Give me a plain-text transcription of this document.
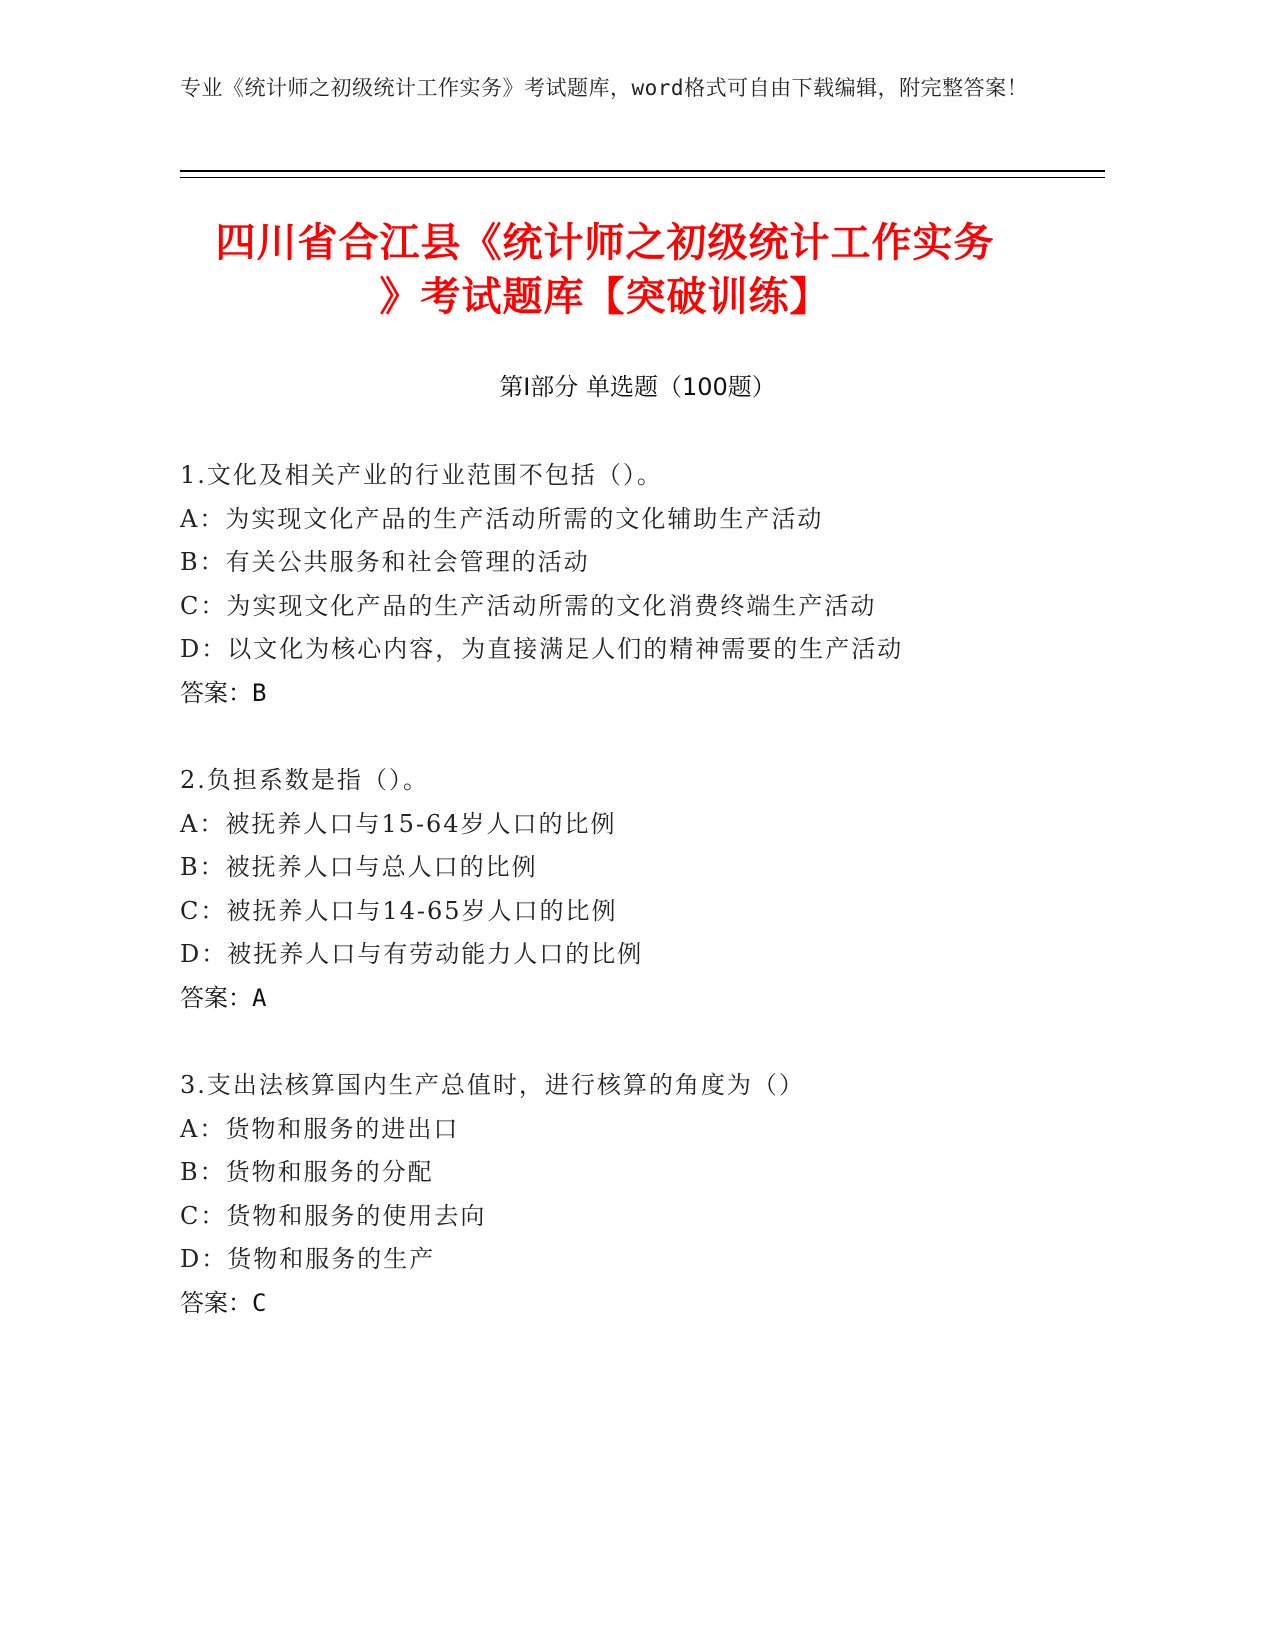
专业《统计师之初级统计工作实务》考试题库，word格式可自由下载编辑，附完整答案！
四川省合江县《统计师之初级统计工作实务
》考试题库【突破训练】
第I部分 单选题（100题）
1.文化及相关产业的行业范围不包括（）。
A：为实现文化产品的生产活动所需的文化辅助生产活动
B：有关公共服务和社会管理的活动
C：为实现文化产品的生产活动所需的文化消费终端生产活动
D：以文化为核心内容，为直接满足人们的精神需要的生产活动
答案：B
2.负担系数是指（）。
A：被抚养人口与15-64岁人口的比例
B：被抚养人口与总人口的比例
C：被抚养人口与14-65岁人口的比例
D：被抚养人口与有劳动能力人口的比例
答案：A
3.支出法核算国内生产总值时，进行核算的角度为（）
A：货物和服务的进出口
B：货物和服务的分配
C：货物和服务的使用去向
D：货物和服务的生产
答案：C
